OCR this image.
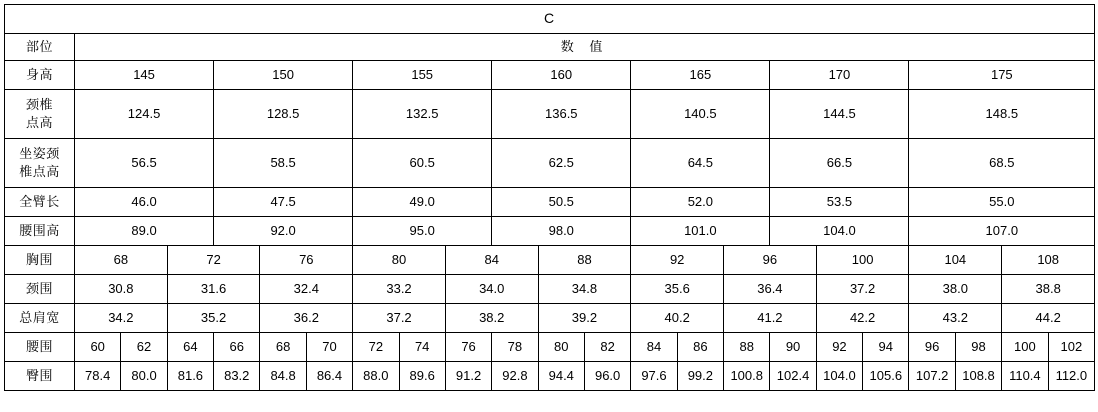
C																						
部位	数 值																					
身高	145			150			155			160			165			170			175			

颈椎
点高	124.5			128.5			132.5			136.5			140.5			144.5			148.5			

坐姿颈
椎点高	56.5			58.5			60.5			62.5			64.5			66.5			68.5			
全臂长	46.0			47.5			49.0			50.5			52.0			53.5			55.0			
腰围高	89.0			92.0			95.0			98.0			101.0			104.0			107.0			
胸围	68		72		76		80		84		88		92		96		100		104		108	
颈围	30.8		31.6		32.4		33.2		34.0		34.8		35.6		36.4		37.2		38.0		38.8	
总肩宽	34.2		35.2		36.2		37.2		38.2		39.2		40.2		41.2		42.2		43.2		44.2	
腰围	60	62	64	66	68	70	72	74	76	78	80	82	84	86	88	90	92	94	96	98	100	102
臀围	78.4	80.0	81.6	83.2	84.8	86.4	88.0	89.6	91.2	92.8	94.4	96.0	97.6	99.2	100.8	102.4	104.0	105.6	107.2	108.8	110.4	112.0
